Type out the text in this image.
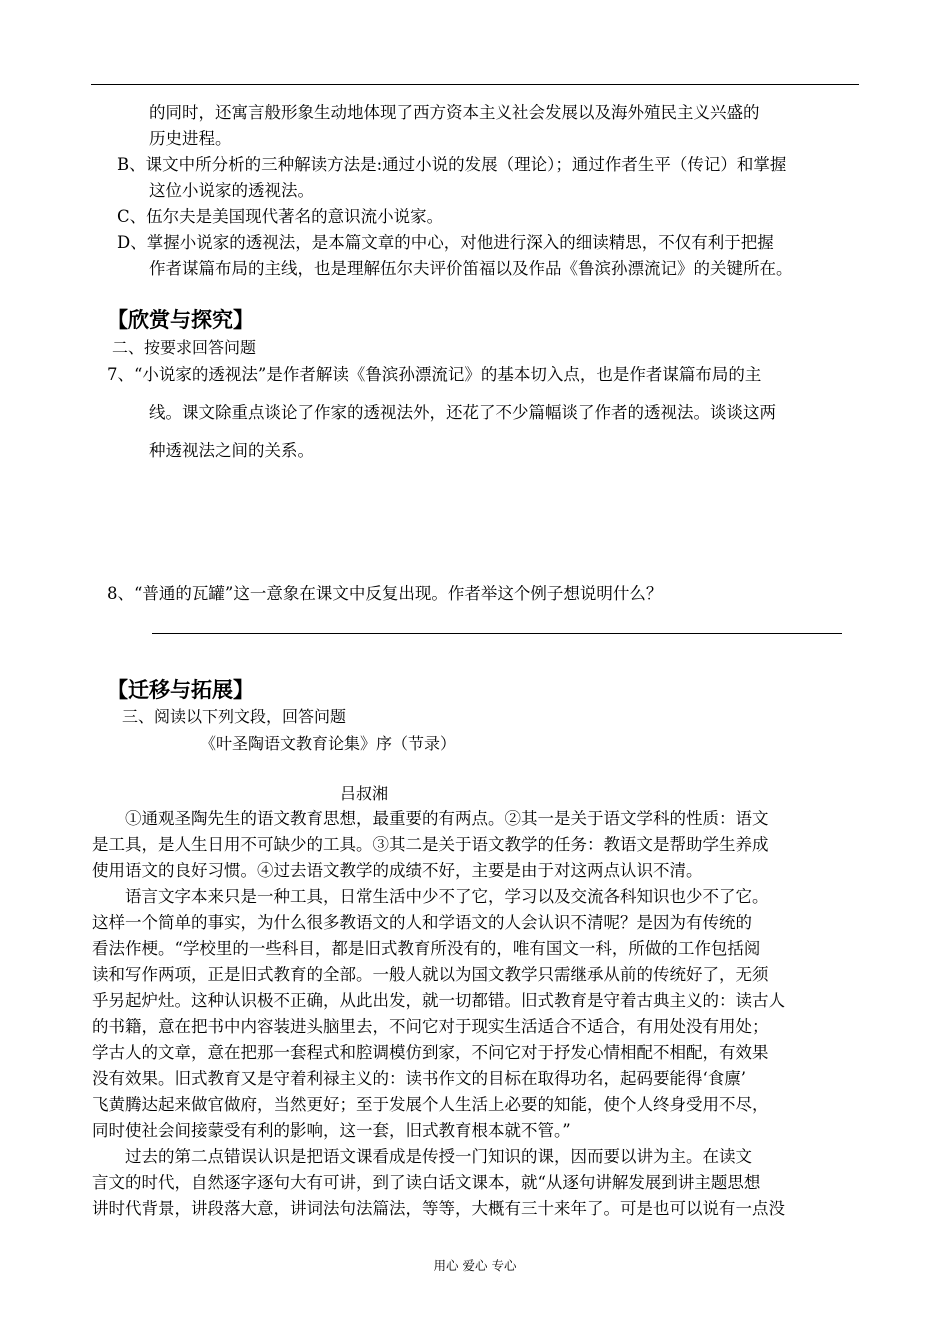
的同时，还寓言般形象生动地体现了西方资本主义社会发展以及海外殖民主义兴盛的
历史进程。
B、课文中所分析的三种解读方法是:通过小说的发展（理论）；通过作者生平（传记）和掌握
这位小说家的透视法。
C、伍尔夫是美国现代著名的意识流小说家。
D、掌握小说家的透视法，是本篇文章的中心，对他进行深入的细读精思，不仅有利于把握
作者谋篇布局的主线，也是理解伍尔夫评价笛福以及作品《鲁滨孙漂流记》的关键所在。
【欣赏与探究】
二、按要求回答问题
7、“小说家的透视法”是作者解读《鲁滨孙漂流记》的基本切入点，也是作者谋篇布局的主
线。课文除重点谈论了作家的透视法外，还花了不少篇幅谈了作者的透视法。谈谈这两
种透视法之间的关系。
8、“普通的瓦罐”这一意象在课文中反复出现。作者举这个例子想说明什么？
【迁移与拓展】
三、阅读以下列文段，回答问题
《叶圣陶语文教育论集》序（节录）
吕叔湘
①通观圣陶先生的语文教育思想，最重要的有两点。②其一是关于语文学科的性质：语文
是工具，是人生日用不可缺少的工具。③其二是关于语文教学的任务：教语文是帮助学生养成
使用语文的良好习惯。④过去语文教学的成绩不好，主要是由于对这两点认识不清。
语言文字本来只是一种工具，日常生活中少不了它，学习以及交流各科知识也少不了它。
这样一个简单的事实，为什么很多教语文的人和学语文的人会认识不清呢？是因为有传统的
看法作梗。“学校里的一些科目，都是旧式教育所没有的，唯有国文一科，所做的工作包括阅
读和写作两项，正是旧式教育的全部。一般人就以为国文教学只需继承从前的传统好了，无须
乎另起炉灶。这种认识极不正确，从此出发，就一切都错。旧式教育是守着古典主义的：读古人
的书籍，意在把书中内容装进头脑里去，不问它对于现实生活适合不适合，有用处没有用处；
学古人的文章，意在把那一套程式和腔调模仿到家，不问它对于抒发心情相配不相配，有效果
没有效果。旧式教育又是守着利禄主义的：读书作文的目标在取得功名，起码要能得‘食廪’
飞黄腾达起来做官做府，当然更好；至于发展个人生活上必要的知能，使个人终身受用不尽，
同时使社会间接蒙受有利的影响，这一套，旧式教育根本就不管。”
过去的第二点错误认识是把语文课看成是传授一门知识的课，因而要以讲为主。在读文
言文的时代，自然逐字逐句大有可讲，到了读白话文课本，就“从逐句讲解发展到讲主题思想
讲时代背景，讲段落大意，讲词法句法篇法，等等，大概有三十来年了。可是也可以说有一点没
用心 爱心 专心
